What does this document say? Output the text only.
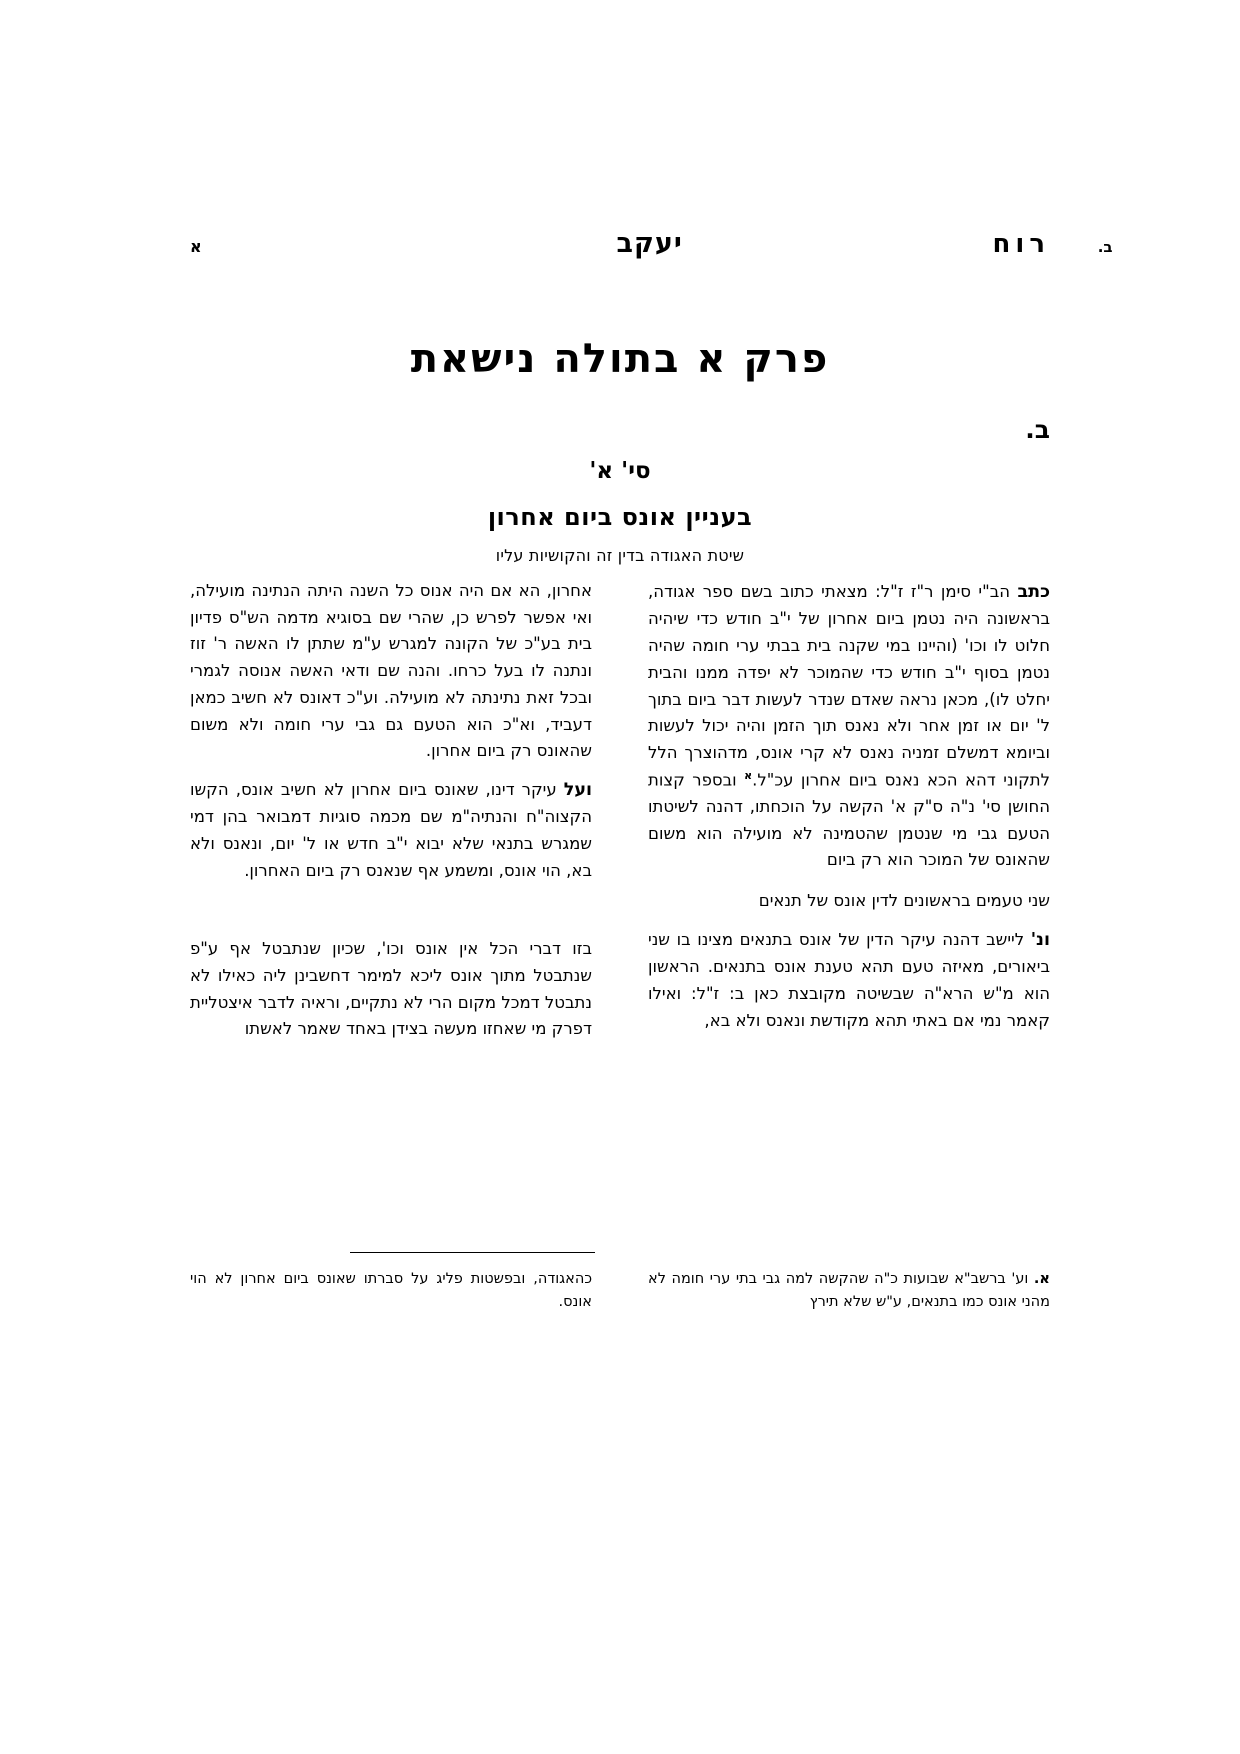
רוח	ב.
יעקב
א
פרק א בתולה נישאת
ב.
סי' א'
בעניין אונס ביום אחרון
שיטת האגודה בדין זה והקושיות עליו

כתב הב"י סימן ר"ז ז"ל: מצאתי כתוב בשם ספר אגודה, בראשונה היה נטמן ביום אחרון של י"ב חודש כדי שיהיה חלוט לו וכו' (והיינו במי שקנה בית בבתי ערי חומה שהיה נטמן בסוף י"ב חודש כדי שהמוכר לא יפדה ממנו והבית יחלט לו), מכאן נראה שאדם שנדר לעשות דבר ביום בתוך ל' יום או זמן אחר ולא נאנס תוך הזמן והיה יכול לעשות וביומא דמשלם זמניה נאנס לא קרי אונס, מדהוצרך הלל לתקוני דהא הכא נאנס ביום אחרון עכ"ל.$^א$ ובספר קצות החושן סי' נ"ה ס"ק א' הקשה על הוכחתו, דהנה לשיטתו הטעם גבי מי שנטמן שהטמינה לא מועילה הוא משום שהאונס של המוכר הוא רק ביום

שני טעמים בראשונים לדין אונס של תנאים

ונ' ליישב דהנה עיקר הדין של אונס בתנאים מצינו בו שני ביאורים, מאיזה טעם תהא טענת אונס בתנאים. הראשון הוא מ"ש הרא"ה שבשיטה מקובצת כאן ב: ז"ל: ואילו קאמר נמי אם באתי תהא מקודשת ונאנס ולא בא,

אחרון, הא אם היה אנוס כל השנה היתה הנתינה מועילה, ואי אפשר לפרש כן, שהרי שם בסוגיא מדמה הש"ס פדיון בית בע"כ של הקונה למגרש ע"מ שתתן לו האשה ר' זוז ונתנה לו בעל כרחו. והנה שם ודאי האשה אנוסה לגמרי ובכל זאת נתינתה לא מועילה. וע"כ דאונס לא חשיב כמאן דעביד, וא"כ הוא הטעם גם גבי ערי חומה ולא משום שהאונס רק ביום אחרון.

ועל עיקר דינו, שאונס ביום אחרון לא חשיב אונס, הקשו הקצוה"ח והנתיה"מ שם מכמה סוגיות דמבואר בהן דמי שמגרש בתנאי שלא יבוא י"ב חדש או ל' יום, ונאנס ולא בא, הוי אונס, ומשמע אף שנאנס רק ביום האחרון.

בזו דברי הכל אין אונס וכו', שכיון שנתבטל אף ע"פ שנתבטל מתוך אונס ליכא למימר דחשבינן ליה כאילו לא נתבטל דמכל מקום הרי לא נתקיים, וראיה לדבר איצטליית דפרק מי שאחזו מעשה בצידן באחד שאמר לאשתו

א. וע' ברשב"א שבועות כ"ה שהקשה למה גבי בתי ערי חומה לא מהני אונס כמו בתנאים, ע"ש שלא תירץ

כהאגודה, ובפשטות פליג על סברתו שאונס ביום אחרון לא הוי אונס.
